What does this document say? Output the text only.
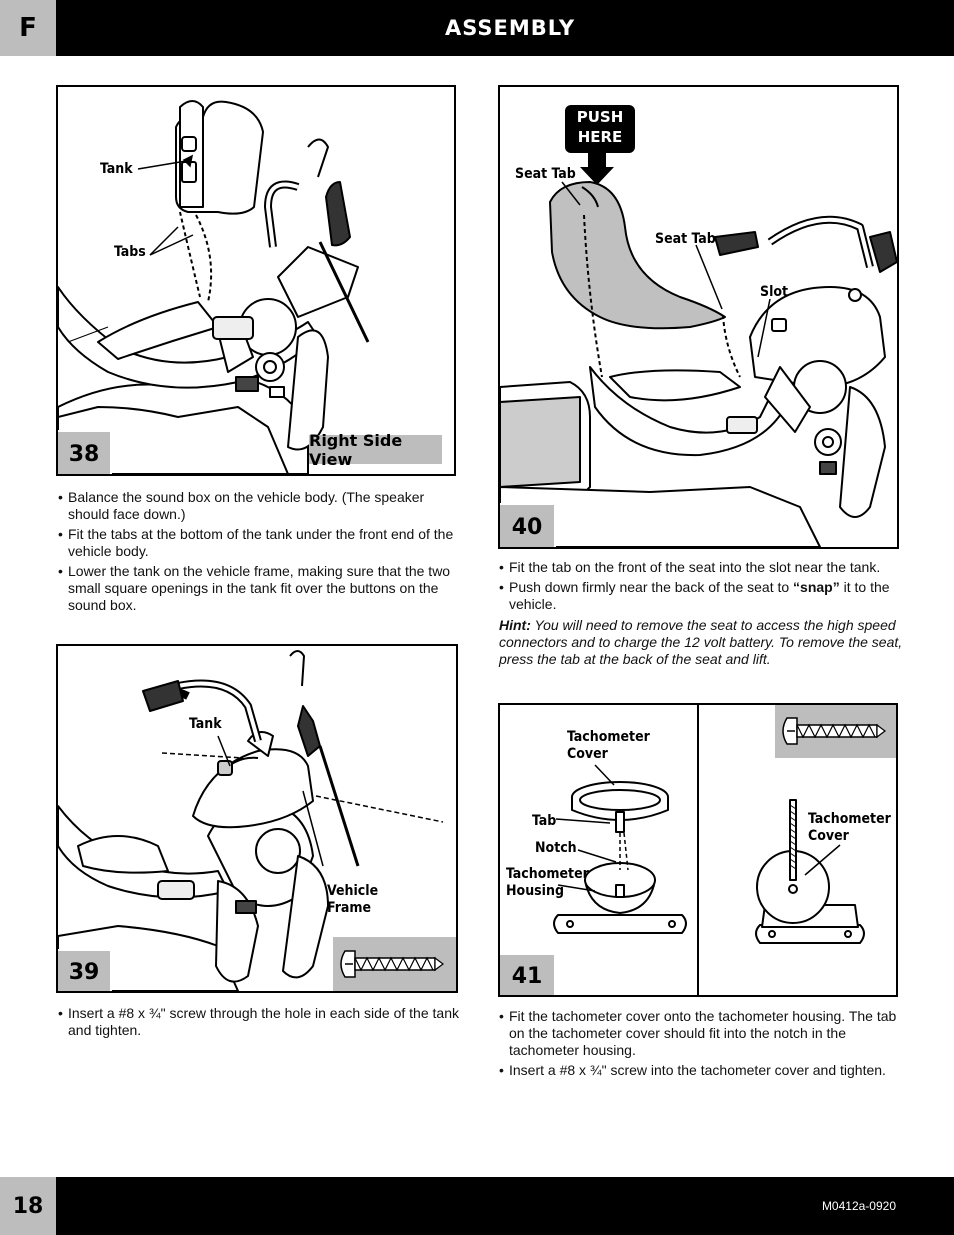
F	ASSEMBLY
Tank
Tabs
Right Side View
38
• Balance the sound box on the vehicle body. (The speaker should face down.)
• Fit the tabs at the bottom of the tank under the front end of the vehicle body.
• Lower the tank on the vehicle frame, making sure that the two small square openings in the tank fit over the buttons on the sound box.
Tank
Vehicle
Frame
39
• Insert a #8 x ¾" screw through the hole in each side of the tank and tighten.
PUSH
HERE
Seat Tab
Seat Tab
Slot
40
• Fit the tab on the front of the seat into the slot near the tank.
• Push down firmly near the back of the seat to “snap” it to the vehicle.
Hint: You will need to remove the seat to access the high speed connectors and to charge the 12 volt battery. To remove the seat, press the tab at the back of the seat and lift.
Tachometer
Cover
Tab
Notch
Tachometer
Housing
Tachometer
Cover
41
• Fit the tachometer cover onto the tachometer housing. The tab on the tachometer cover should fit into the notch in the tachometer housing.
• Insert a #8 x ¾" screw into the tachometer cover and tighten.
18	M0412a-0920
